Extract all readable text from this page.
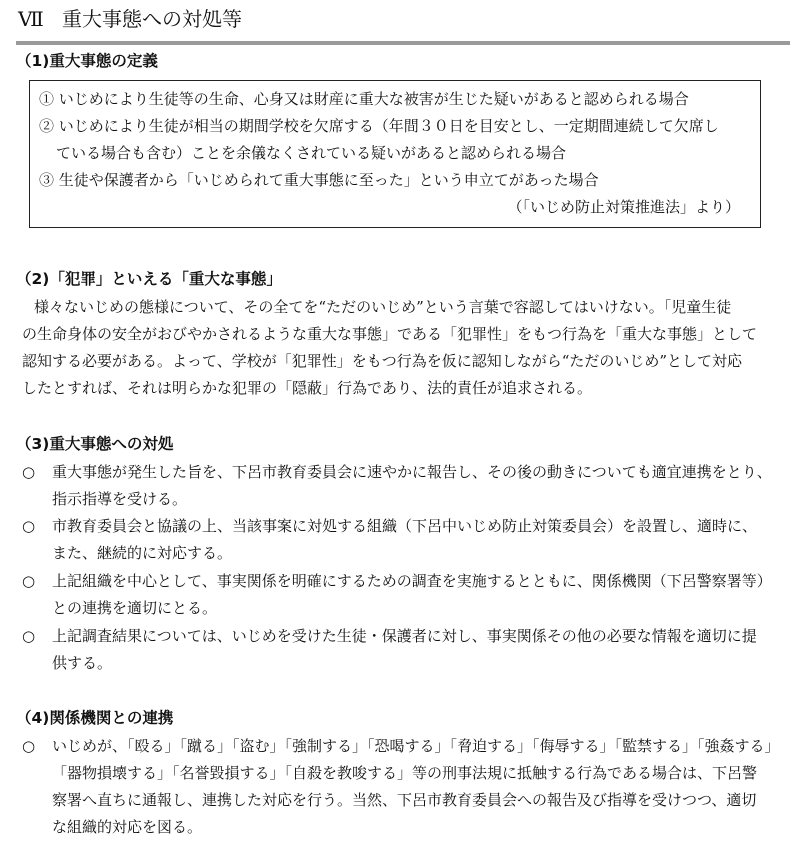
Ⅶ 重大事態への対処等
（1)重大事態の定義
① いじめにより生徒等の生命、心身又は財産に重大な被害が生じた疑いがあると認められる場合
② いじめにより生徒が相当の期間学校を欠席する（年間３０日を目安とし、一定期間連続して欠席し
ている場合も含む）ことを余儀なくされている疑いがあると認められる場合
③ 生徒や保護者から「いじめられて重大事態に至った」という申立てがあった場合
（「いじめ防止対策推進法」より）
（2)「犯罪」といえる「重大な事態」

様々ないじめの態様について、その全てを“ただのいじめ”という言葉で容認してはいけない。「児童生徒

の生命身体の安全がおびやかされるような重大な事態」である「犯罪性」をもつ行為を「重大な事態」として

認知する必要がある。よって、学校が「犯罪性」をもつ行為を仮に認知しながら“ただのいじめ”として対応

したとすれば、それは明らかな犯罪の「隠蔽」行為であり、法的責任が追求される。

（3)重大事態への対処
○ 重大事態が発生した旨を、下呂市教育委員会に速やかに報告し、その後の動きについても適宜連携をとり、
指示指導を受ける。
○ 市教育委員会と協議の上、当該事案に対処する組織（下呂中いじめ防止対策委員会）を設置し、適時に、
また、継続的に対応する。
○ 上記組織を中心として、事実関係を明確にするための調査を実施するとともに、関係機関（下呂警察署等）
との連携を適切にとる。
○ 上記調査結果については、いじめを受けた生徒・保護者に対し、事実関係その他の必要な情報を適切に提
供する。
（4)関係機関との連携
○ いじめが、「殴る」「蹴る」「盗む」「強制する」「恐喝する」「脅迫する」「侮辱する」「監禁する」「強姦する」
「器物損壊する」「名誉毀損する」「自殺を教唆する」等の刑事法規に抵触する行為である場合は、下呂警
察署へ直ちに通報し、連携した対応を行う。当然、下呂市教育委員会への報告及び指導を受けつつ、適切
な組織的対応を図る。
